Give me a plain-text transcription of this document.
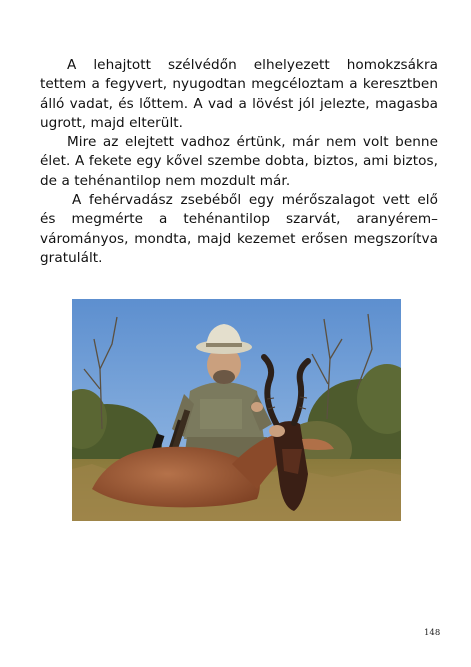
A lehajtott szélvédőn elhelyezett homokzsákra tettem a fegyvert, nyugodtan megcéloztam a keresztben álló vadat, és lőttem. A vad a lövést jól jelezte, magasba ugrott, majd elterült.

Mire az elejtett vadhoz értünk, már nem volt benne élet. A fekete egy kővel szembe dobta, biztos, ami biztos, de a tehénantilop nem mozdult már.

A fehérvadász zsebéből egy mérőszalagot vett elő és megmérte a tehénantilop szarvát, aranyérem–várományos, mondta, majd kezemet erősen megszorítva gratulált.

148
